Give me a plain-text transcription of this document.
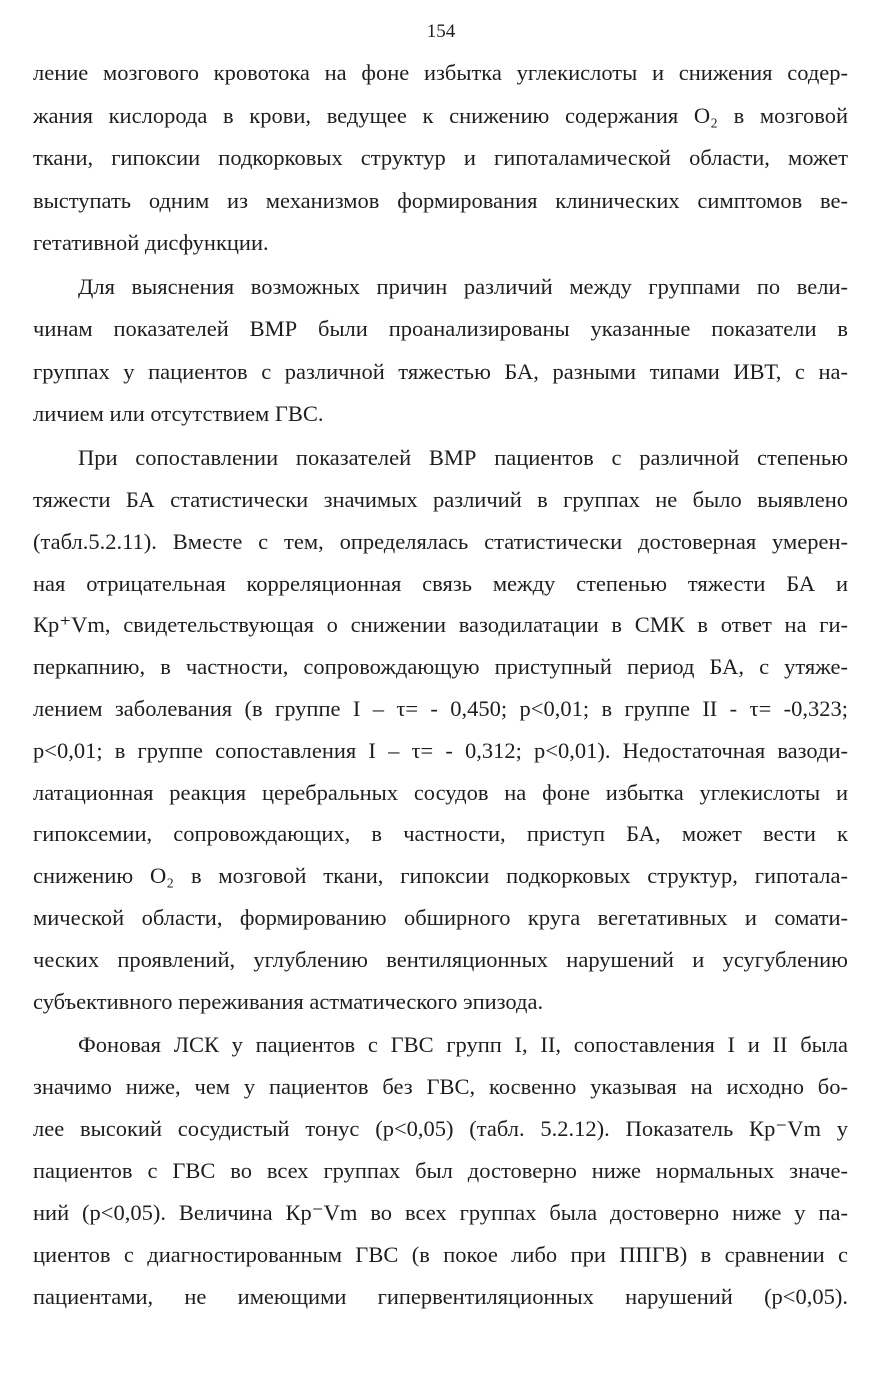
154
ление мозгового кровотока на фоне избытка углекислоты и снижения содер-
жания кислорода в крови, ведущее к снижению содержания O₂ в мозговой
ткани, гипоксии подкорковых структур и гипоталамической области, может
выступать одним из механизмов формирования клинических симптомов ве-
гетативной дисфункции.
Для выяснения возможных причин различий между группами по вели-
чинам показателей ВМР были проанализированы указанные показатели в
группах у пациентов с различной тяжестью БА, разными типами ИВТ, с на-
личием или отсутствием ГВС.
При сопоставлении показателей ВМР пациентов с различной степенью
тяжести БА статистически значимых различий в группах не было выявлено
(табл.5.2.11). Вместе с тем, определялась статистически достоверная умерен-
ная отрицательная корреляционная связь между степенью тяжести БА и
Кр⁺Vm, свидетельствующая о снижении вазодилатации в СМК в ответ на ги-
перкапнию, в частности, сопровождающую приступный период БА, с утяже-
лением заболевания (в группе I – τ= - 0,450; р<0,01; в группе II - τ= -0,323;
р<0,01; в группе сопоставления I – τ= - 0,312; р<0,01). Недостаточная вазоди-
латационная реакция церебральных сосудов на фоне избытка углекислоты и
гипоксемии, сопровождающих, в частности, приступ БА, может вести к
снижению O₂ в мозговой ткани, гипоксии подкорковых структур, гипотала-
мической области, формированию обширного круга вегетативных и сомати-
ческих проявлений, углублению вентиляционных нарушений и усугублению
субъективного переживания астматического эпизода.
Фоновая ЛСК у пациентов с ГВС групп I, II, сопоставления I и II была
значимо ниже, чем у пациентов без ГВС, косвенно указывая на исходно бо-
лее высокий сосудистый тонус (р<0,05) (табл. 5.2.12). Показатель Кр⁻Vm у
пациентов с ГВС во всех группах был достоверно ниже нормальных значе-
ний (р<0,05). Величина Кр⁻Vm во всех группах была достоверно ниже у па-
циентов с диагностированным ГВС (в покое либо при ППГВ) в сравнении с
пациентами, не имеющими гипервентиляционных нарушений (р<0,05).
